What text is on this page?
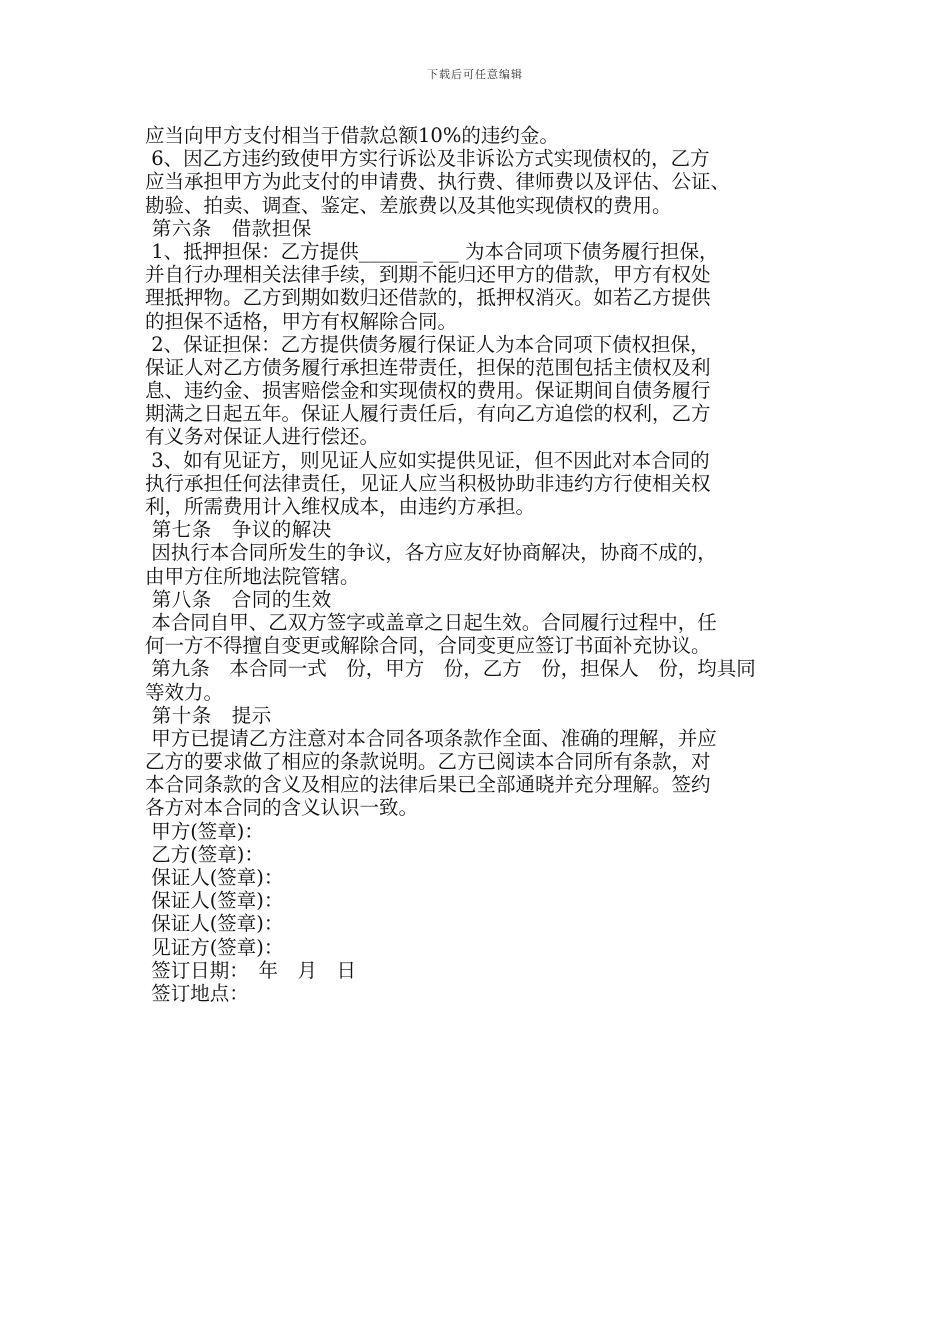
下载后可任意编辑
应当向甲方支付相当于借款总额10%的违约金。
6、因乙方违约致使甲方实行诉讼及非诉讼方式实现债权的，乙方
应当承担甲方为此支付的申请费、执行费、律师费以及评估、公证、
勘验、拍卖、调查、鉴定、差旅费以及其他实现债权的费用。
第六条　借款担保
1、抵押担保：乙方提供______ _ __ 为本合同项下债务履行担保，
并自行办理相关法律手续，到期不能归还甲方的借款，甲方有权处
理抵押物。乙方到期如数归还借款的，抵押权消灭。如若乙方提供
的担保不适格，甲方有权解除合同。
2、保证担保：乙方提供债务履行保证人为本合同项下债权担保，
保证人对乙方债务履行承担连带责任，担保的范围包括主债权及利
息、违约金、损害赔偿金和实现债权的费用。保证期间自债务履行
期满之日起五年。保证人履行责任后，有向乙方追偿的权利，乙方
有义务对保证人进行偿还。
3、如有见证方，则见证人应如实提供见证，但不因此对本合同的
执行承担任何法律责任，见证人应当积极协助非违约方行使相关权
利，所需费用计入维权成本，由违约方承担。
第七条　争议的解决
因执行本合同所发生的争议，各方应友好协商解决，协商不成的，
由甲方住所地法院管辖。
第八条　合同的生效
本合同自甲、乙双方签字或盖章之日起生效。合同履行过程中，任
何一方不得擅自变更或解除合同，合同变更应签订书面补充协议。
第九条　本合同一式　份，甲方　份，乙方　份，担保人　份，均具同
等效力。
第十条　提示
甲方已提请乙方注意对本合同各项条款作全面、准确的理解，并应
乙方的要求做了相应的条款说明。乙方已阅读本合同所有条款，对
本合同条款的含义及相应的法律后果已全部通晓并充分理解。签约
各方对本合同的含义认识一致。
甲方(签章)：
乙方(签章)：
保证人(签章)：
保证人(签章)：
保证人(签章)：
见证方(签章)：
签订日期：　年　月　日
签订地点：
